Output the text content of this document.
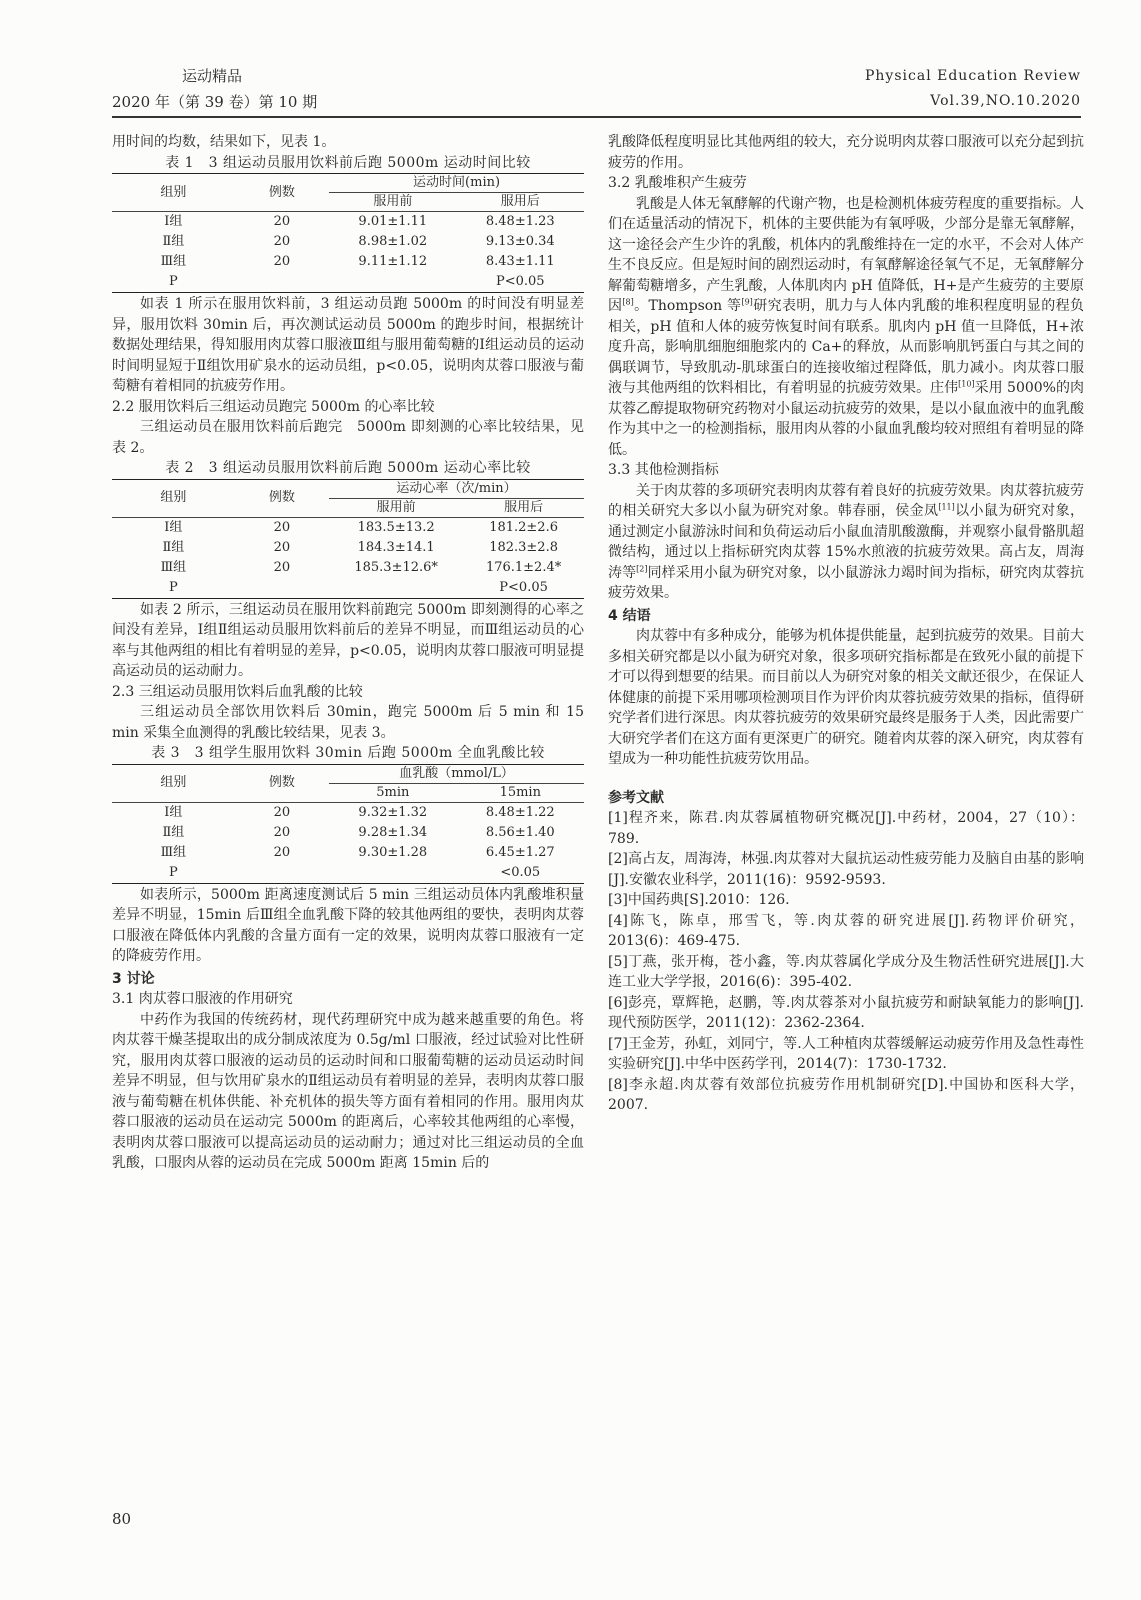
运动精品
2020 年（第 39 卷）第 10 期
Physical Education Review
Vol.39,NO.10.2020

用时间的均数，结果如下，见表 1。

表 1　3 组运动员服用饮料前后跑 5000m 运动时间比较

组别	例数	运动时间(min)	
		服用前	服用后
Ⅰ组	20	9.01±1.11	8.48±1.23
Ⅱ组	20	8.98±1.02	9.13±0.34
Ⅲ组	20	9.11±1.12	8.43±1.11
P			P<0.05

如表 1 所示在服用饮料前，3 组运动员跑 5000m 的时间没有明显差异，服用饮料 30min 后，再次测试运动员 5000m 的跑步时间，根据统计数据处理结果，得知服用肉苁蓉口服液Ⅲ组与服用葡萄糖的Ⅰ组运动员的运动时间明显短于Ⅱ组饮用矿泉水的运动员组，p<0.05，说明肉苁蓉口服液与葡萄糖有着相同的抗疲劳作用。

2.2 服用饮料后三组运动员跑完 5000m 的心率比较

三组运动员在服用饮料前后跑完　5000m 即刻测的心率比较结果，见表 2。

表 2　3 组运动员服用饮料前后跑 5000m 运动心率比较

组别	例数	运动心率（次/min）	
		服用前	服用后
Ⅰ组	20	183.5±13.2	181.2±2.6
Ⅱ组	20	184.3±14.1	182.3±2.8
Ⅲ组	20	185.3±12.6*	176.1±2.4*
P			P<0.05

如表 2 所示，三组运动员在服用饮料前跑完 5000m 即刻测得的心率之间没有差异，Ⅰ组Ⅱ组运动员服用饮料前后的差异不明显，而Ⅲ组运动员的心率与其他两组的相比有着明显的差异，p<0.05，说明肉苁蓉口服液可明显提高运动员的运动耐力。

2.3 三组运动员服用饮料后血乳酸的比较

三组运动员全部饮用饮料后 30min，跑完 5000m 后 5 min 和 15 min 采集全血测得的乳酸比较结果，见表 3。

表 3　3 组学生服用饮料 30min 后跑 5000m 全血乳酸比较

组别	例数	血乳酸（mmol/L）	
		5min	15min
Ⅰ组	20	9.32±1.32	8.48±1.22
Ⅱ组	20	9.28±1.34	8.56±1.40
Ⅲ组	20	9.30±1.28	6.45±1.27
P			<0.05

如表所示，5000m 距离速度测试后 5 min 三组运动员体内乳酸堆积量差异不明显，15min 后Ⅲ组全血乳酸下降的较其他两组的要快，表明肉苁蓉口服液在降低体内乳酸的含量方面有一定的效果，说明肉苁蓉口服液有一定的降疲劳作用。

3 讨论

3.1 肉苁蓉口服液的作用研究

中药作为我国的传统药材，现代药理研究中成为越来越重要的角色。将肉苁蓉干燥茎提取出的成分制成浓度为 0.5g/ml 口服液，经过试验对比性研究，服用肉苁蓉口服液的运动员的运动时间和口服葡萄糖的运动员运动时间差异不明显，但与饮用矿泉水的Ⅱ组运动员有着明显的差异，表明肉苁蓉口服液与葡萄糖在机体供能、补充机体的损失等方面有着相同的作用。服用肉苁蓉口服液的运动员在运动完 5000m 的距离后，心率较其他两组的心率慢，表明肉苁蓉口服液可以提高运动员的运动耐力；通过对比三组运动员的全血乳酸，口服肉从蓉的运动员在完成 5000m 距离 15min 后的

乳酸降低程度明显比其他两组的较大，充分说明肉苁蓉口服液可以充分起到抗疲劳的作用。

3.2 乳酸堆积产生疲劳

乳酸是人体无氧酵解的代谢产物，也是检测机体疲劳程度的重要指标。人们在适量活动的情况下，机体的主要供能为有氧呼吸，少部分是靠无氧酵解，这一途径会产生少许的乳酸，机体内的乳酸维持在一定的水平，不会对人体产生不良反应。但是短时间的剧烈运动时，有氧酵解途径氧气不足，无氧酵解分解葡萄糖增多，产生乳酸，人体肌肉内 pH 值降低，H+是产生疲劳的主要原因[8]。Thompson 等[9]研究表明，肌力与人体内乳酸的堆积程度明显的程负相关，pH 值和人体的疲劳恢复时间有联系。肌肉内 pH 值一旦降低，H+浓度升高，影响肌细胞细胞浆内的 Ca+的释放，从而影响肌钙蛋白与其之间的偶联调节，导致肌动-肌球蛋白的连接收缩过程降低，肌力减小。肉苁蓉口服液与其他两组的饮料相比，有着明显的抗疲劳效果。庄伟[10]采用 5000%的肉苁蓉乙醇提取物研究药物对小鼠运动抗疲劳的效果，是以小鼠血液中的血乳酸作为其中之一的检测指标，服用肉从蓉的小鼠血乳酸均较对照组有着明显的降低。

3.3 其他检测指标

关于肉苁蓉的多项研究表明肉苁蓉有着良好的抗疲劳效果。肉苁蓉抗疲劳的相关研究大多以小鼠为研究对象。韩春丽，侯金凤[11]以小鼠为研究对象，通过测定小鼠游泳时间和负荷运动后小鼠血清肌酸激酶，并观察小鼠骨骼肌超微结构，通过以上指标研究肉苁蓉 15%水煎液的抗疲劳效果。高占友，周海涛等[2]同样采用小鼠为研究对象，以小鼠游泳力竭时间为指标，研究肉苁蓉抗疲劳效果。

4 结语

肉苁蓉中有多种成分，能够为机体提供能量，起到抗疲劳的效果。目前大多相关研究都是以小鼠为研究对象，很多项研究指标都是在致死小鼠的前提下才可以得到想要的结果。而目前以人为研究对象的相关文献还很少，在保证人体健康的前提下采用哪项检测项目作为评价肉苁蓉抗疲劳效果的指标，值得研究学者们进行深思。肉苁蓉抗疲劳的效果研究最终是服务于人类，因此需要广大研究学者们在这方面有更深更广的研究。随着肉苁蓉的深入研究，肉苁蓉有望成为一种功能性抗疲劳饮用品。

参考文献

[1]程齐来，陈君.肉苁蓉属植物研究概况[J].中药材，2004，27（10）：789.

[2]高占友，周海涛，林强.肉苁蓉对大鼠抗运动性疲劳能力及脑自由基的影响[J].安徽农业科学，2011(16)：9592-9593.

[3]中国药典[S].2010：126.

[4]陈飞，陈卓，邢雪飞，等.肉苁蓉的研究进展[J].药物评价研究，2013(6)：469-475.

[5]丁燕，张开梅，苍小鑫，等.肉苁蓉属化学成分及生物活性研究进展[J].大连工业大学学报，2016(6)：395-402.

[6]彭亮，覃辉艳，赵鹏，等.肉苁蓉茶对小鼠抗疲劳和耐缺氧能力的影响[J].现代预防医学，2011(12)：2362-2364.

[7]王金芳，孙虹，刘同宁，等.人工种植肉苁蓉缓解运动疲劳作用及急性毒性实验研究[J].中华中医药学刊，2014(7)：1730-1732.

[8]李永超.肉苁蓉有效部位抗疲劳作用机制研究[D].中国协和医科大学，2007.

80
